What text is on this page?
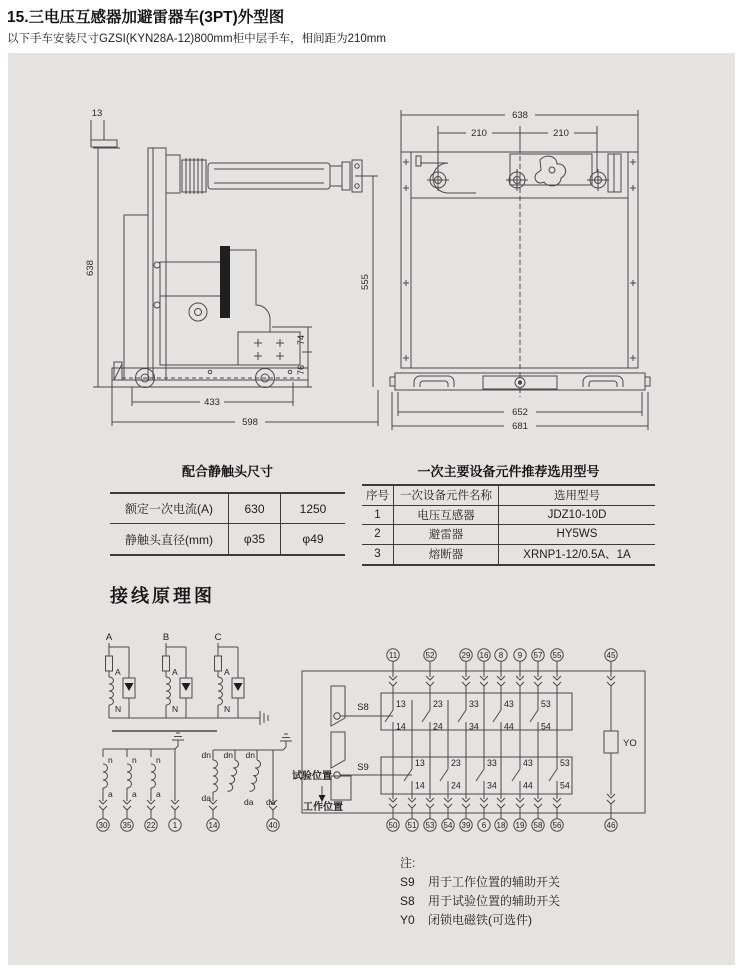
15.三电压互感器加避雷器车(3PT)外型图
以下手车安装尺寸GZSI(KYN28A-12)800mm柜中层手车，相间距为210mm
13
638
555
74
76
433
598
638
210	210
652
681
配合静触头尺寸
额定一次电流(A)	630	1250
静触头直径(mm)	φ35	φ49
一次主要设备元件推荐选用型号
序号 一次设备元件名称	选用型号
1	电压互感器	JDZ10-10D
2	避雷器	HY5WS
3	熔断器	XRNP1-12/0.5A、1A
接线原理图
S8
S9
YO
试验位置
工作位置
A
A
N
B
A
N
C
A
N
n
a
30
n
a
35
n
a
22 1
dn
da
dn
da
dn
da
14	40
11
13
14
50
13
14
51
52
23
24
53
23
24
54
29
33
34
39
16
33
34
6
8
43
44
18
9
43
44
19
57
53
54
58
55
53
54
56
45
46
注:
S9 用于工作位置的辅助开关
S8 用于试验位置的辅助开关
Y0 闭锁电磁铁(可选件)
